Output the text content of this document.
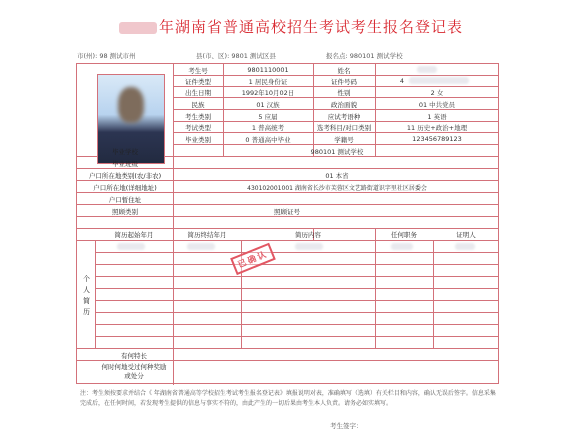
年湖南省普通高校招生考试考生报名登记表
市(州): 98 测试市州	县(市、区): 9801 测试区县	报名点: 980101 测试学校
考生号	9801110001	姓名
证件类型	1 居民身份证	证件号码	4
出生日期	1992年10月02日	性别	2 女
民族	01 汉族	政治面貌	01 中共党员
考生类别	5 应届	应试考语种	1 英语
考试类型	1 普高统考	选考科目/对口类别	11 历史+政治+地理
毕业类别	0 普通高中毕业	学籍号	123456789123
毕业学校	980101 测试学校
毕业班级
户口所在地类别(农/非农)	01 本省
户口所在地(详细地址)	430102001001 湖南省长沙市芙蓉区文艺路街道识字里社区居委会
户口暂住址
照顾类别	照顾证号
简历起始年月	简历终结年月	简历内容	任何职务	证明人
个人简历
有何特长
何时何地受过何种奖励或处分
已确认
注：考生须按要求并结合《 年湖南省普通高等学校招生考试考生报名登记表》填报说明对表，准确填写（选填）有关栏目和内容，确认无误后签字。信息采集完成后，在任何时间，若发现考生提供的信息与事实不符的，由此产生的一切后果由考生本人负责。请务必如实填写。
考生签字：
